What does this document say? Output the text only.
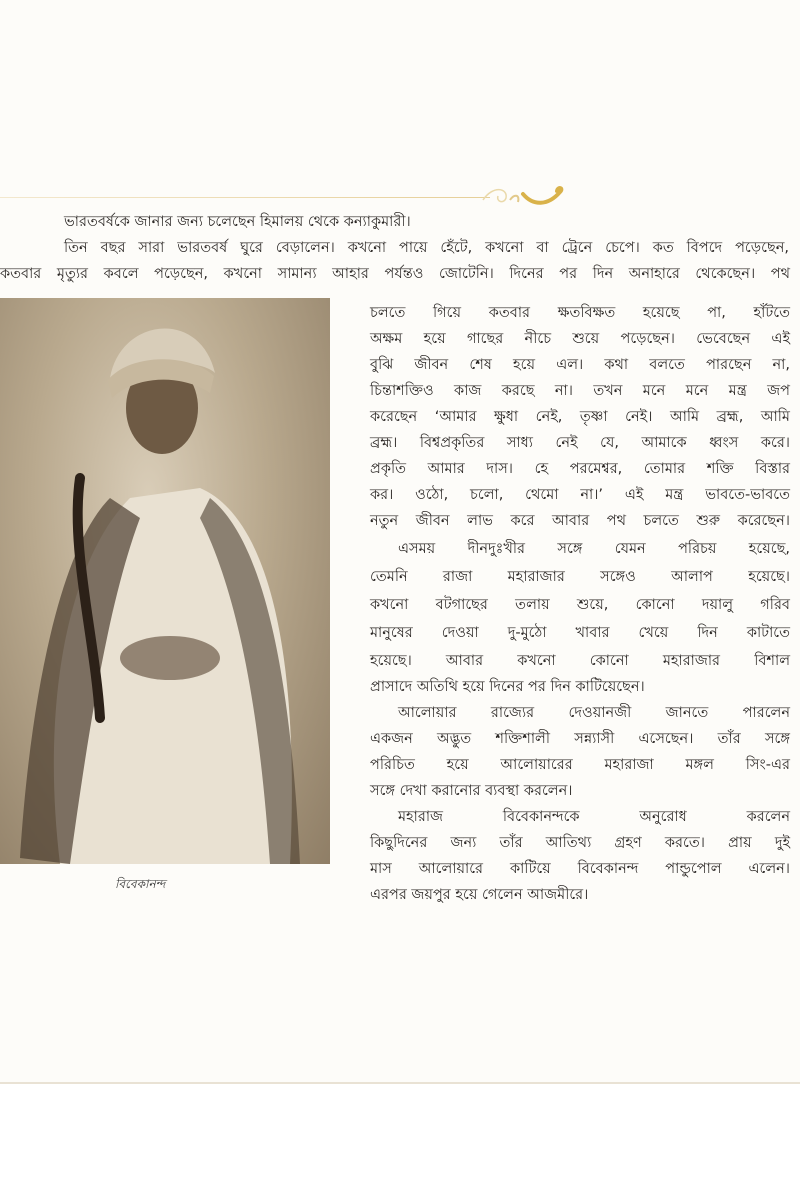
ভারতবর্ষকে জানার জন্য চলেছেন হিমালয় থেকে কন্যাকুমারী।
তিন বছর সারা ভারতবর্ষ ঘুরে বেড়ালেন। কখনো পায়ে হেঁটে, কখনো বা ট্রেনে চেপে। কত বিপদে পড়েছেন,
কতবার মৃত্যুর কবলে পড়েছেন, কখনো সামান্য আহার পর্যন্তও জোটেনি। দিনের পর দিন অনাহারে থেকেছেন। পথ
বিবেকানন্দ
চলতে গিয়ে কতবার ক্ষতবিক্ষত হয়েছে পা, হাঁটতে
অক্ষম হয়ে গাছের নীচে শুয়ে পড়েছেন। ভেবেছেন এই
বুঝি জীবন শেষ হয়ে এল। কথা বলতে পারছেন না,
চিন্তাশক্তিও কাজ করছে না। তখন মনে মনে মন্ত্র জপ
করেছেন ‘আমার ক্ষুধা নেই, তৃষ্ণা নেই। আমি ব্রহ্ম, আমি
ব্রহ্ম। বিশ্বপ্রকৃতির সাধ্য নেই যে, আমাকে ধ্বংস করে।
প্রকৃতি আমার দাস। হে পরমেশ্বর, তোমার শক্তি বিস্তার
কর। ওঠো, চলো, থেমো না।’ এই মন্ত্র ভাবতে-ভাবতে
নতুন জীবন লাভ করে আবার পথ চলতে শুরু করেছেন।
এসময় দীনদুঃখীর সঙ্গে যেমন পরিচয় হয়েছে,
তেমনি রাজা মহারাজার সঙ্গেও আলাপ হয়েছে।
কখনো বটগাছের তলায় শুয়ে, কোনো দয়ালু গরিব
মানুষের দেওয়া দু-মুঠো খাবার খেয়ে দিন কাটাতে
হয়েছে। আবার কখনো কোনো মহারাজার বিশাল
প্রাসাদে অতিথি হয়ে দিনের পর দিন কাটিয়েছেন।
আলোয়ার রাজ্যের দেওয়ানজী জানতে পারলেন
একজন অদ্ভুত শক্তিশালী সন্ন্যাসী এসেছেন। তাঁর সঙ্গে
পরিচিত হয়ে আলোয়ারের মহারাজা মঙ্গল সিং-এর
সঙ্গে দেখা করানোর ব্যবস্থা করলেন।
মহারাজ বিবেকানন্দকে অনুরোধ করলেন
কিছুদিনের জন্য তাঁর আতিথ্য গ্রহণ করতে। প্রায় দুই
মাস আলোয়ারে কাটিয়ে বিবেকানন্দ পান্ডুপোল এলেন।
এরপর জয়পুর হয়ে গেলেন আজমীরে।
